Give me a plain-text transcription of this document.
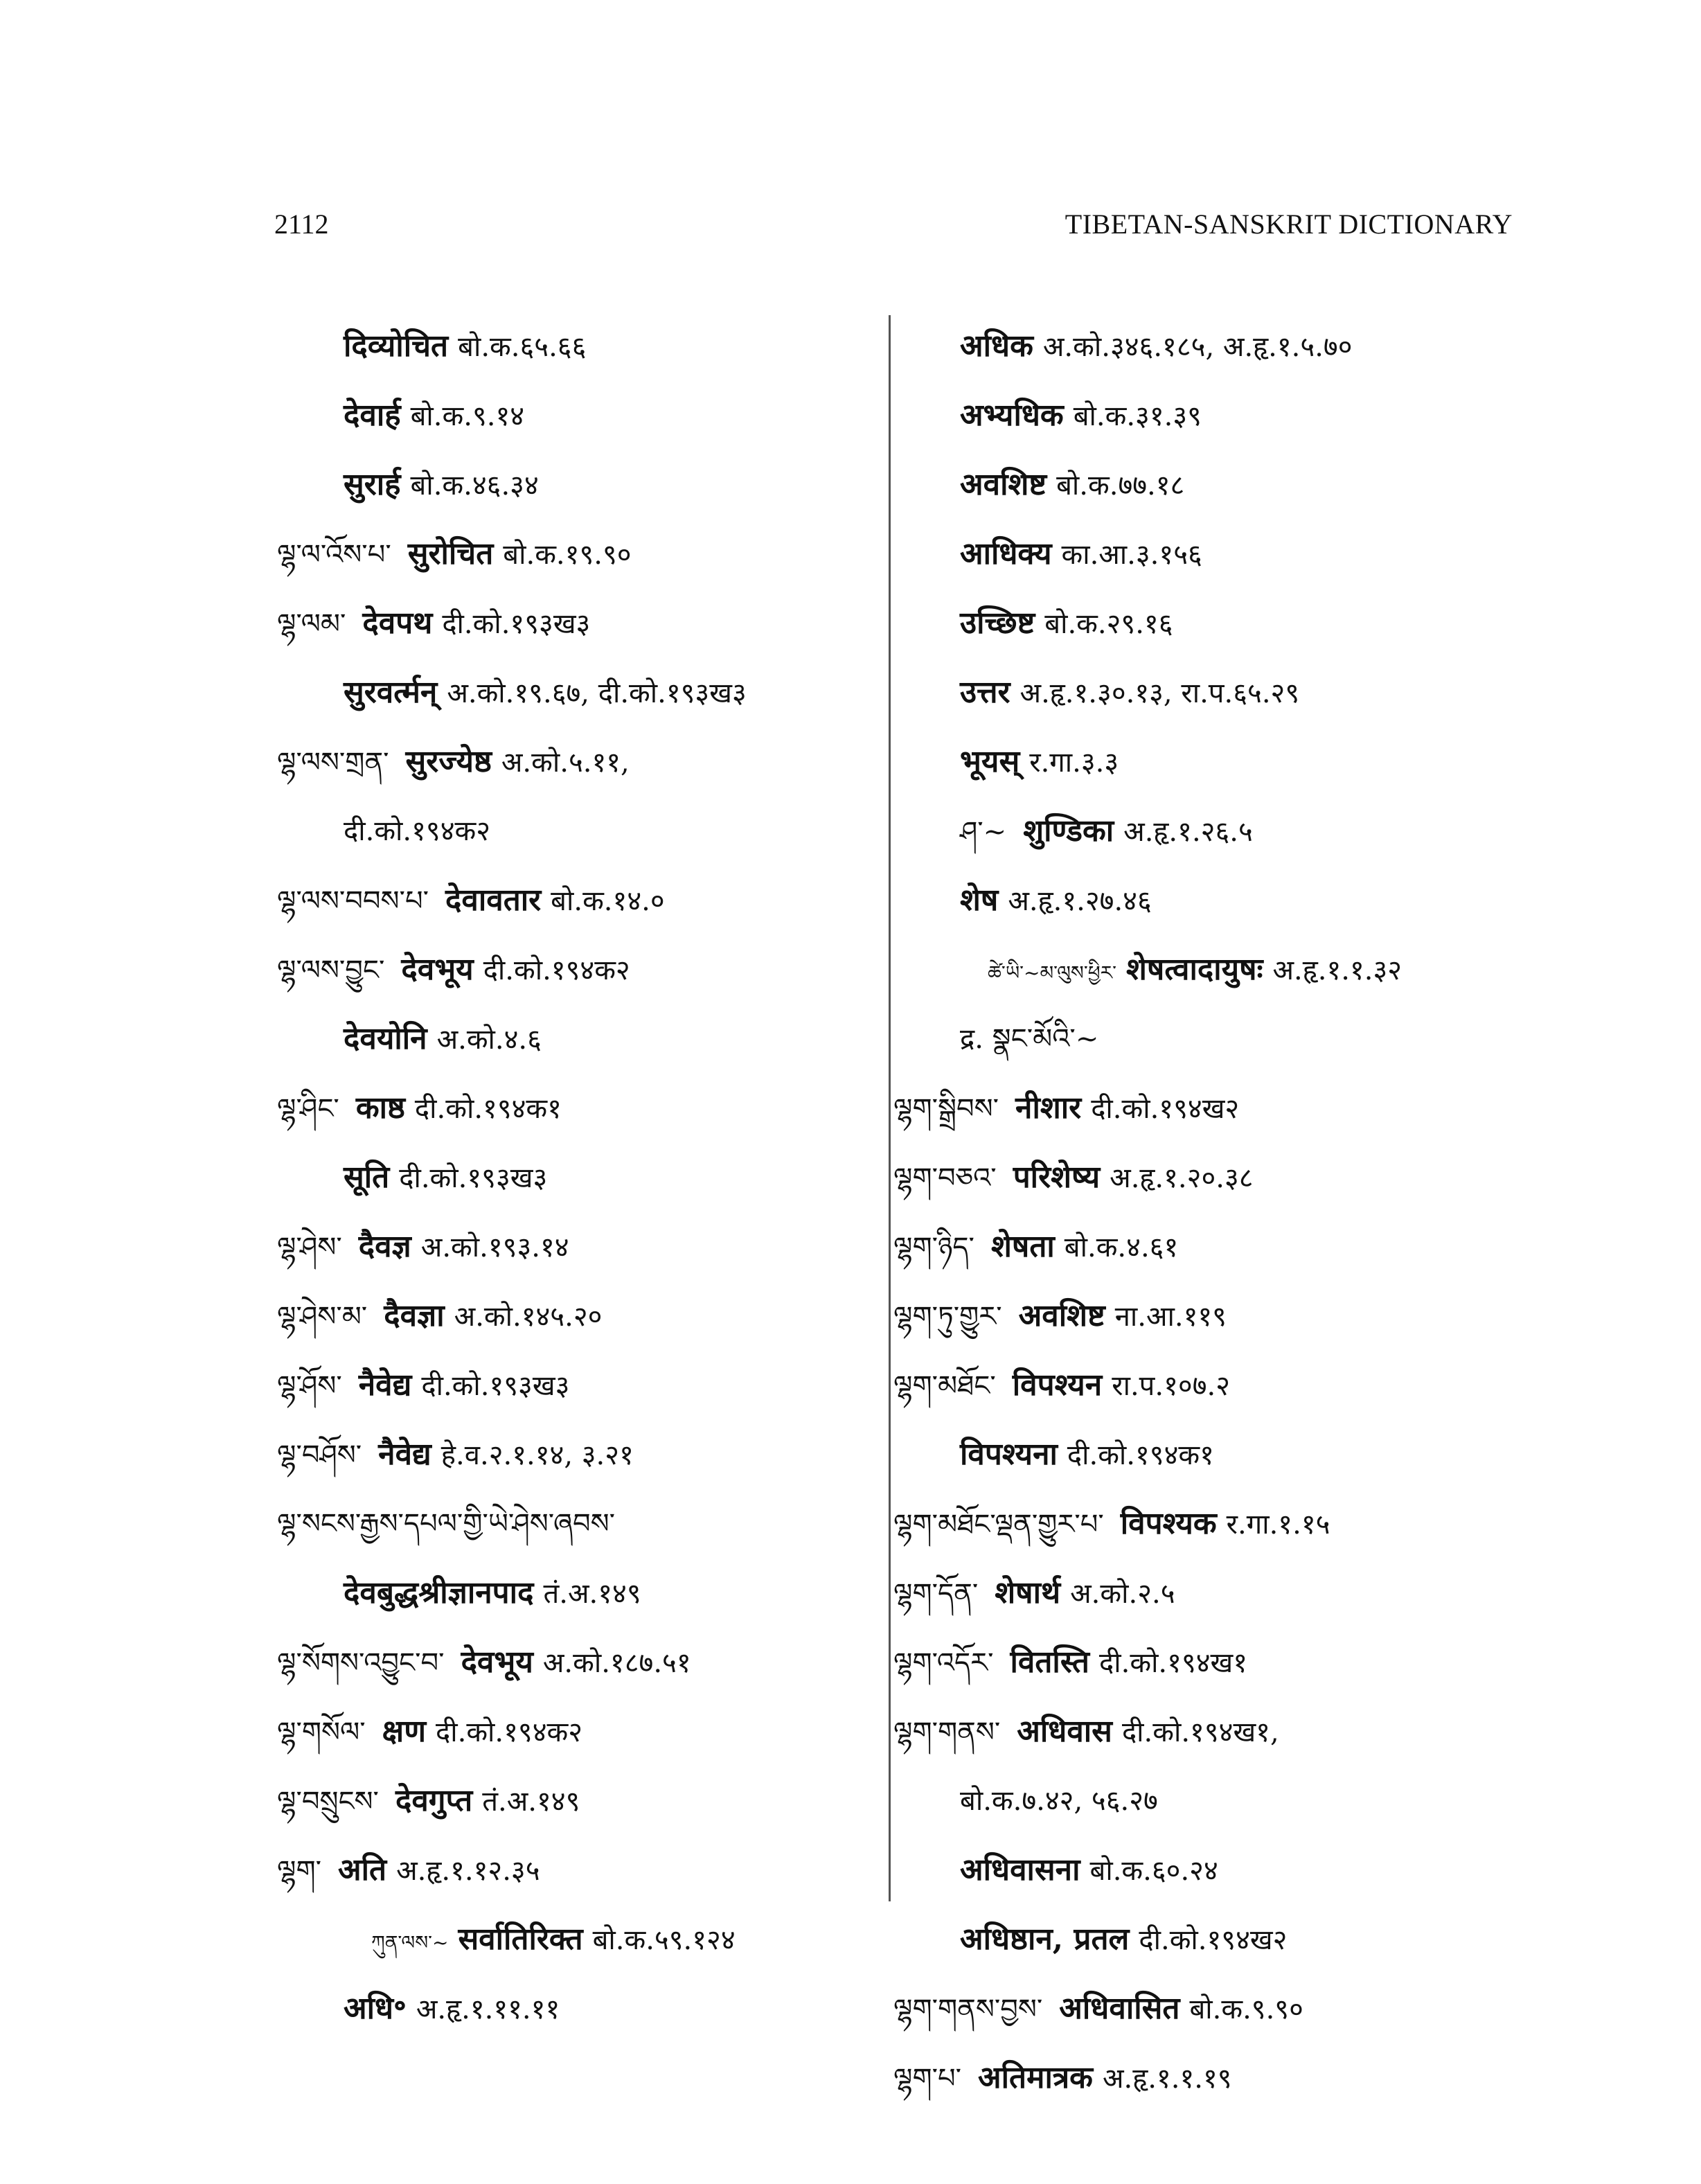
2112	TIBETAN-SANSKRIT DICTIONARY
दिव्योचित बो.क.६५.६६
देवार्ह बो.क.९.१४
सुरार्ह बो.क.४६.३४
ལྷ་ལ་འོས་པ་ सुरोचित बो.क.१९.९०
ལྷ་ལམ་ देवपथ दी.को.१९३ख३
सुरवर्त्मन् अ.को.१९.६७, दी.को.१९३ख३
ལྷ་ལས་གྲན་ सुरज्येष्ठ अ.को.५.११,
दी.को.१९४क२
ལྷ་ལས་བབས་པ་ देवावतार बो.क.१४.०
ལྷ་ལས་བྱུང་ देवभूय दी.को.१९४क२
देवयोनि अ.को.४.६
ལྷ་ཤིང་ काष्ठ दी.को.१९४क१
सूति दी.को.१९३ख३
ལྷ་ཤེས་ दैवज्ञ अ.को.१९३.१४
ལྷ་ཤེས་མ་ दैवज्ञा अ.को.१४५.२०
ལྷ་ཤོས་ नैवेद्य दी.को.१९३ख३
ལྷ་བཤོས་ नैवेद्य हे.व.२.१.१४, ३.२१
ལྷ་སངས་རྒྱས་དཔལ་གྱི་ཡེ་ཤེས་ཞབས་
देवबुद्धश्रीज्ञानपाद तं.अ.१४९
ལྷ་སོགས་འབྱུང་བ་ देवभूय अ.को.१८७.५१
ལྷ་གསོལ་ क्षण दी.को.१९४क२
ལྷ་བསྲུངས་ देवगुप्त तं.अ.१४९
ལྷག་ अति अ.हृ.१.१२.३५
ཀུན་ལས་~ सर्वातिरिक्त बो.क.५९.१२४
अधि॰ अ.हृ.१.११.११
अधिक अ.को.३४६.१८५, अ.हृ.१.५.७०
अभ्यधिक बो.क.३१.३९
अवशिष्ट बो.क.७७.१८
आधिक्य का.आ.३.१५६
उच्छिष्ट बो.क.२९.१६
उत्तर अ.हृ.१.३०.१३, रा.प.६५.२९
भूयस् र.गा.३.३
ཤ་~ शुण्डिका अ.हृ.१.२६.५
शेष अ.हृ.१.२७.४६
ཚེ་ཡི་~མ་ལུས་ཕྱིར་ शेषत्वादायुषः अ.हृ.१.१.३२
द्र. སྣང་མོའི་~
ལྷག་སྒྲིབས་ नीशार दी.को.१९४ख२
ལྷག་བཅའ་ परिशेष्य अ.हृ.१.२०.३८
ལྷག་ཉིད་ शेषता बो.क.४.६१
ལྷག་ཏུ་གྱུར་ अवशिष्ट ना.आ.११९
ལྷག་མཐོང་ विपश्यन रा.प.१०७.२
विपश्यना दी.को.१९४क१
ལྷག་མཐོང་ལྡན་གྱུར་པ་ विपश्यक र.गा.१.१५
ལྷག་དོན་ शेषार्थ अ.को.२.५
ལྷག་འདོར་ वितस्ति दी.को.१९४ख१
ལྷག་གནས་ अधिवास दी.को.१९४ख१,
बो.क.७.४२, ५६.२७
अधिवासना बो.क.६०.२४
अधिष्ठान, प्रतल दी.को.१९४ख२
ལྷག་གནས་བྱས་ अधिवासित बो.क.९.९०
ལྷག་པ་ अतिमात्रक अ.हृ.१.१.१९
